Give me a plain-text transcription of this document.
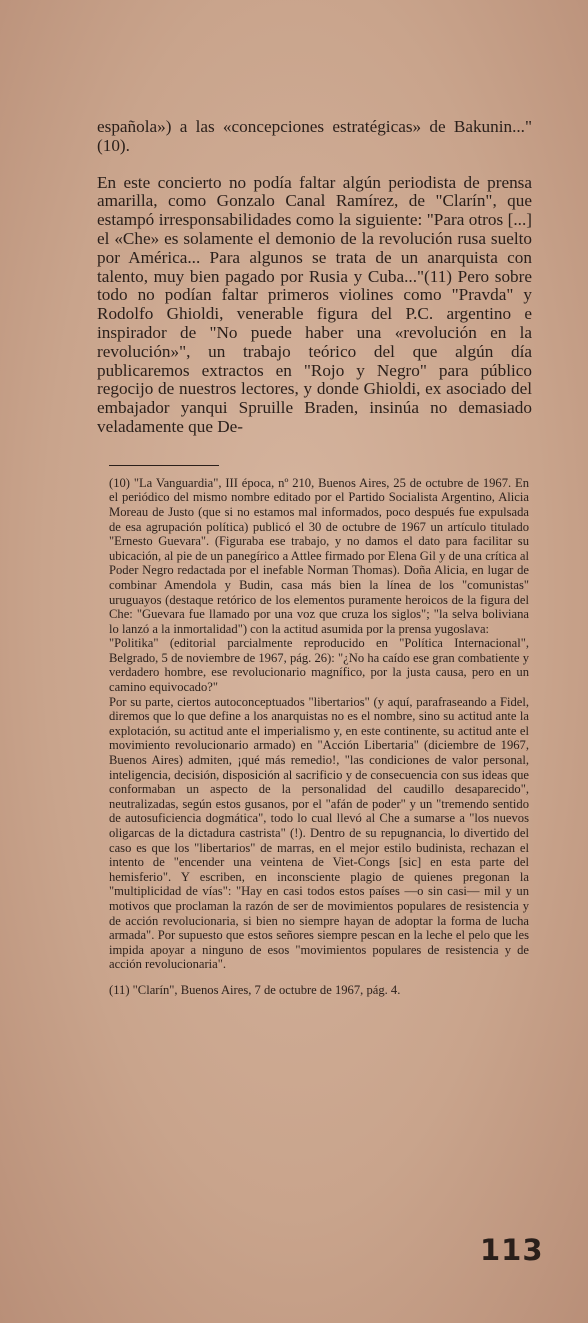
española») a las «concepciones estratégicas» de Bakunin..." (10).

En este concierto no podía faltar algún periodista de prensa amarilla, como Gonzalo Canal Ramírez, de "Clarín", que estampó irresponsabilidades como la siguiente: "Para otros [...] el «Che» es solamente el demonio de la revolución rusa suelto por América... Para algunos se trata de un anarquista con talento, muy bien pagado por Rusia y Cuba..."(11) Pero sobre todo no podían faltar primeros violines como "Pravda" y Rodolfo Ghioldi, venerable figura del P.C. argentino e inspirador de "No puede haber una «revolución en la revolución»", un trabajo teórico del que algún día publicaremos extractos en "Rojo y Negro" para público regocijo de nuestros lectores, y donde Ghioldi, ex asociado del embajador yanqui Spruille Braden, insinúa no demasiado veladamente que De-

(10) "La Vanguardia", III época, nº 210, Buenos Aires, 25 de octubre de 1967. En el periódico del mismo nombre editado por el Partido Socialista Argentino, Alicia Moreau de Justo (que si no estamos mal informados, poco después fue expulsada de esa agrupación política) publicó el 30 de octubre de 1967 un artículo titulado "Ernesto Guevara". (Figuraba ese trabajo, y no damos el dato para facilitar su ubicación, al pie de un panegírico a Attlee firmado por Elena Gil y de una crítica al Poder Negro redactada por el inefable Norman Thomas). Doña Alicia, en lugar de combinar Amendola y Budin, casa más bien la línea de los "comunistas" uruguayos (destaque retórico de los elementos puramente heroicos de la figura del Che: "Guevara fue llamado por una voz que cruza los siglos"; "la selva boliviana lo lanzó a la inmortalidad") con la actitud asumida por la prensa yugoslava:

"Politika" (editorial parcialmente reproducido en "Política Internacional", Belgrado, 5 de noviembre de 1967, pág. 26): "¿No ha caído ese gran combatiente y verdadero hombre, ese revolucionario magnífico, por la justa causa, pero en un camino equivocado?"

Por su parte, ciertos autoconceptuados "libertarios" (y aquí, parafraseando a Fidel, diremos que lo que define a los anarquistas no es el nombre, sino su actitud ante la explotación, su actitud ante el imperialismo y, en este continente, su actitud ante el movimiento revolucionario armado) en "Acción Libertaria" (diciembre de 1967, Buenos Aires) admiten, ¡qué más remedio!, "las condiciones de valor personal, inteligencia, decisión, disposición al sacrificio y de consecuencia con sus ideas que conformaban un aspecto de la personalidad del caudillo desaparecido", neutralizadas, según estos gusanos, por el "afán de poder" y un "tremendo sentido de autosuficiencia dogmática", todo lo cual llevó al Che a sumarse a "los nuevos oligarcas de la dictadura castrista" (!). Dentro de su repugnancia, lo divertido del caso es que los "libertarios" de marras, en el mejor estilo budinista, rechazan el intento de "encender una veintena de Viet-Congs [sic] en esta parte del hemisferio". Y escriben, en inconsciente plagio de quienes pregonan la "multiplicidad de vías": "Hay en casi todos estos países —o sin casi— mil y un motivos que proclaman la razón de ser de movimientos populares de resistencia y de acción revolucionaria, si bien no siempre hayan de adoptar la forma de lucha armada". Por supuesto que estos señores siempre pescan en la leche el pelo que les impida apoyar a ninguno de esos "movimientos populares de resistencia y de acción revolucionaria".

(11) "Clarín", Buenos Aires, 7 de octubre de 1967, pág. 4.

113
